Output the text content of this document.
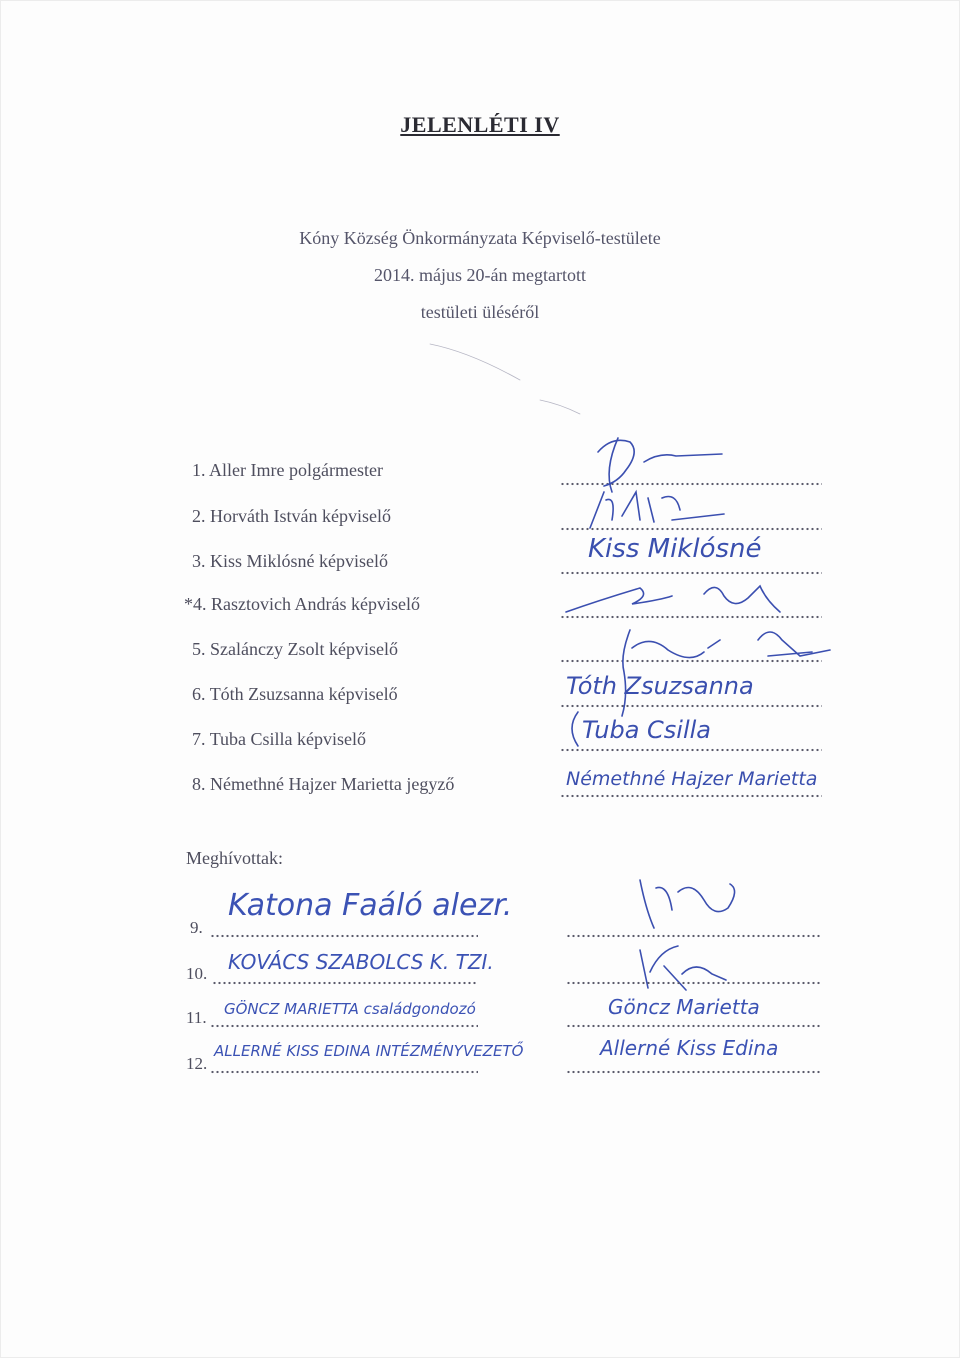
JELENLÉTI IV
Kóny Község Önkormányzata Képviselő-testülete
2014. május 20-án megtartott
testületi üléséről
1. Aller Imre polgármester
2. Horváth István képviselő
3. Kiss Miklósné képviselő
*4. Rasztovich András képviselő
5. Szalánczy Zsolt képviselő
6. Tóth Zsuzsanna képviselő
7. Tuba Csilla képviselő
8. Némethné Hajzer Marietta jegyző
Kiss Miklósné
Tóth Zsuzsanna
Tuba Csilla
Némethné Hajzer Marietta
Meghívottak:
9.
Katona Faáló alezr.
10. KOVÁCS SZABOLCS K. TZI.
11. GÖNCZ MARIETTA családgondozó	Göncz Marietta
12.
ALLERNÉ KISS EDINA INTÉZMÉNYVEZETŐ	Allerné Kiss Edina
